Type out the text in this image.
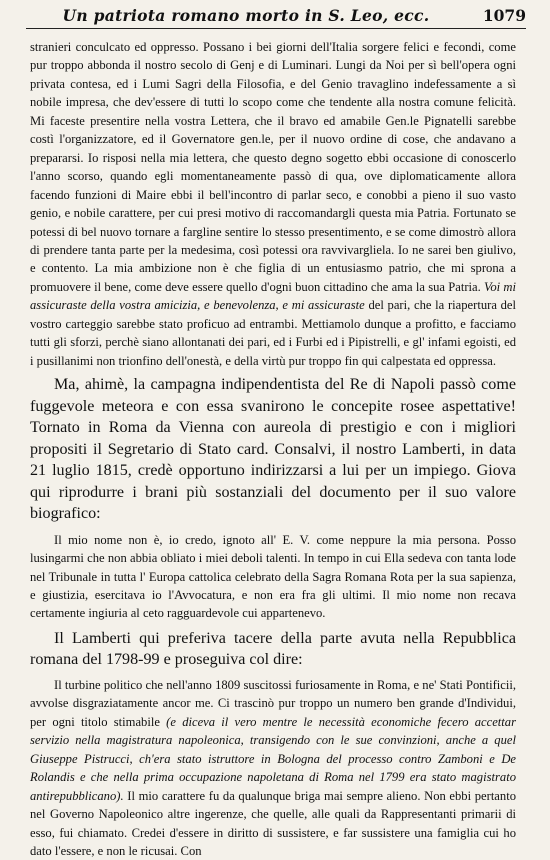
Un patriota romano morto in S. Leo, ecc.	1079

stranieri conculcato ed oppresso. Possano i bei giorni dell'Italia sorgere felici e fecondi, come pur troppo abbonda il nostro secolo di Genj e di Luminari. Lungi da Noi per sì bell'opera ogni privata contesa, ed i Lumi Sagri della Filosofia, e del Genio travaglino indefessamente a sì nobile impresa, che dev'essere di tutti lo scopo come che tendente alla nostra comune felicità. Mi faceste presentire nella vostra Lettera, che il bravo ed amabile Gen.le Pignatelli sarebbe costì l'organizzatore, ed il Governatore gen.le, per il nuovo ordine di cose, che andavano a prepararsi. Io risposi nella mia lettera, che questo degno sogetto ebbi occasione di conoscerlo l'anno scorso, quando egli momentaneamente passò di qua, ove diplomaticamente allora facendo funzioni di Maire ebbi il bell'incontro di parlar seco, e conobbi a pieno il suo vasto genio, e nobile carattere, per cui presi motivo di raccomandargli questa mia Patria. Fortunato se potessi di bel nuovo tornare a fargline sentire lo stesso presentimento, e se come dimostrò allora di prendere tanta parte per la medesima, così potessi ora ravvivargliela. Io ne sarei ben giulivo, e contento. La mia ambizione non è che figlia di un entusiasmo patrio, che mi sprona a promuovere il bene, come deve essere quello d'ogni buon cittadino che ama la sua Patria. Voi mi assicuraste della vostra amicizia, e benevolenza, e mi assicuraste del pari, che la riapertura del vostro carteggio sarebbe stato proficuo ad entrambi. Mettiamolo dunque a profitto, e facciamo tutti gli sforzi, perchè siano allontanati dei pari, ed i Furbi ed i Pipistrelli, e gl' infami egoisti, ed i pusillanimi non trionfino dell'onestà, e della virtù pur troppo fin qui calpestata ed oppressa.

Ma, ahimè, la campagna indipendentista del Re di Napoli passò come fuggevole meteora e con essa svanirono le concepite rosee aspettative! Tornato in Roma da Vienna con aureola di prestigio e con i migliori propositi il Segretario di Stato card. Consalvi, il nostro Lamberti, in data 21 luglio 1815, credè opportuno indirizzarsi a lui per un impiego. Giova qui riprodurre i brani più sostanziali del documento per il suo valore biografico:

Il mio nome non è, io credo, ignoto all' E. V. come neppure la mia persona. Posso lusingarmi che non abbia obliato i miei deboli talenti. In tempo in cui Ella sedeva con tanta lode nel Tribunale in tutta l' Europa cattolica celebrato della Sagra Romana Rota per la sua sapienza, e giustizia, esercitava io l'Avvocatura, e non era fra gli ultimi. Il mio nome non recava certamente ingiuria al ceto ragguardevole cui appartenevo.

Il Lamberti qui preferiva tacere della parte avuta nella Repubblica romana del 1798-99 e proseguiva col dire:

Il turbine politico che nell'anno 1809 suscitossi furiosamente in Roma, e ne' Stati Pontificii, avvolse disgraziatamente ancor me. Ci trascinò pur troppo un numero ben grande d'Individui, per ogni titolo stimabile (e diceva il vero mentre le necessità economiche fecero accettar servizio nella magistratura napoleonica, transigendo con le sue convinzioni, anche a quel Giuseppe Pistrucci, ch'era stato istruttore in Bologna del processo contro Zamboni e De Rolandis e che nella prima occupazione napoletana di Roma nel 1799 era stato magistrato antirepubblicano). Il mio carattere fu da qualunque briga mai sempre alieno. Non ebbi pertanto nel Governo Napoleonico altre ingerenze, che quelle, alle quali da Rappresentanti primarii di esso, fui chiamato. Credei d'essere in diritto di sussistere, e far sussistere una famiglia cui ho dato l'essere, e non le ricusai. Con
